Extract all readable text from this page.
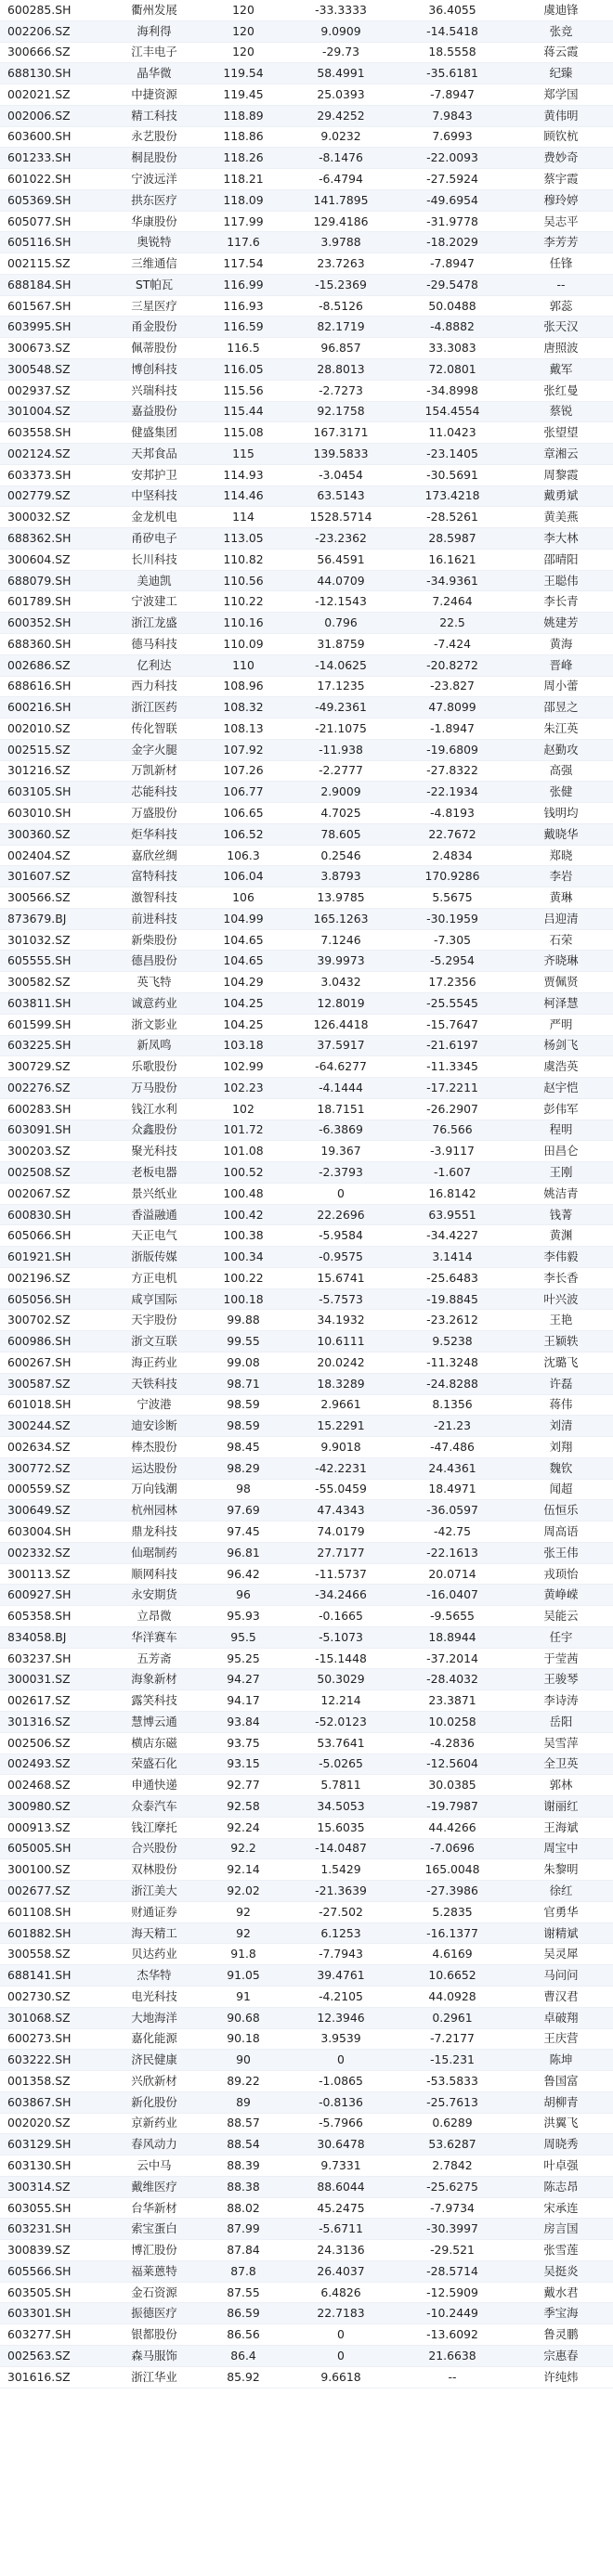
600285.SH	衢州发展	120	-33.3333	36.4055	虞迪锋
002206.SZ	海利得	120	9.0909	-14.5418	张竞
300666.SZ	江丰电子	120	-29.73	18.5558	蒋云霞
688130.SH	晶华微	119.54	58.4991	-35.6181	纪臻
002021.SZ	中捷资源	119.45	25.0393	-7.8947	郑学国
002006.SZ	精工科技	118.89	29.4252	7.9843	黄伟明
603600.SH	永艺股份	118.86	9.0232	7.6993	顾钦杭
601233.SH	桐昆股份	118.26	-8.1476	-22.0093	费妙奇
601022.SH	宁波远洋	118.21	-6.4794	-27.5924	蔡宇霞
605369.SH	拱东医疗	118.09	141.7895	-49.6954	穆玲婷
605077.SH	华康股份	117.99	129.4186	-31.9778	吴志平
605116.SH	奥锐特	117.6	3.9788	-18.2029	李芳芳
002115.SZ	三维通信	117.54	23.7263	-7.8947	任锋
688184.SH	ST帕瓦	116.99	-15.2369	-29.5478	--
601567.SH	三星医疗	116.93	-8.5126	50.0488	郭蕊
603995.SH	甬金股份	116.59	82.1719	-4.8882	张天汉
300673.SZ	佩蒂股份	116.5	96.857	33.3083	唐照波
300548.SZ	博创科技	116.05	28.8013	72.0801	戴军
002937.SZ	兴瑞科技	115.56	-2.7273	-34.8998	张红曼
301004.SZ	嘉益股份	115.44	92.1758	154.4554	蔡锐
603558.SH	健盛集团	115.08	167.3171	11.0423	张望望
002124.SZ	天邦食品	115	139.5833	-23.1405	章湘云
603373.SH	安邦护卫	114.93	-3.0454	-30.5691	周黎霞
002779.SZ	中坚科技	114.46	63.5143	173.4218	戴勇斌
300032.SZ	金龙机电	114	1528.5714	-28.5261	黄美燕
688362.SH	甬矽电子	113.05	-23.2362	28.5987	李大林
300604.SZ	长川科技	110.82	56.4591	16.1621	邵晴阳
688079.SH	美迪凯	110.56	44.0709	-34.9361	王聪伟
601789.SH	宁波建工	110.22	-12.1543	7.2464	李长青
600352.SH	浙江龙盛	110.16	0.796	22.5	姚建芳
688360.SH	德马科技	110.09	31.8759	-7.424	黄海
002686.SZ	亿利达	110	-14.0625	-20.8272	晋峰
688616.SH	西力科技	108.96	17.1235	-23.827	周小蕾
600216.SH	浙江医药	108.32	-49.2361	47.8099	邵昱之
002010.SZ	传化智联	108.13	-21.1075	-1.8947	朱江英
002515.SZ	金字火腿	107.92	-11.938	-19.6809	赵勤攻
301216.SZ	万凯新材	107.26	-2.2777	-27.8322	高强
603105.SH	芯能科技	106.77	2.9009	-22.1934	张健
603010.SH	万盛股份	106.65	4.7025	-4.8193	钱明均
300360.SZ	炬华科技	106.52	78.605	22.7672	戴晓华
002404.SZ	嘉欣丝绸	106.3	0.2546	2.4834	郑晓
301607.SZ	富特科技	106.04	3.8793	170.9286	李岩
300566.SZ	激智科技	106	13.9785	5.5675	黄琳
873679.BJ	前进科技	104.99	165.1263	-30.1959	吕迎清
301032.SZ	新柴股份	104.65	7.1246	-7.305	石荣
605555.SH	德昌股份	104.65	39.9973	-5.2954	齐晓琳
300582.SZ	英飞特	104.29	3.0432	17.2356	贾佩贤
603811.SH	诚意药业	104.25	12.8019	-25.5545	柯泽慧
601599.SH	浙文影业	104.25	126.4418	-15.7647	严明
603225.SH	新凤鸣	103.18	37.5917	-21.6197	杨剑飞
300729.SZ	乐歌股份	102.99	-64.6277	-11.3345	虞浩英
002276.SZ	万马股份	102.23	-4.1444	-17.2211	赵宇恺
600283.SH	钱江水利	102	18.7151	-26.2907	彭伟军
603091.SH	众鑫股份	101.72	-6.3869	76.566	程明
300203.SZ	聚光科技	101.08	19.367	-3.9117	田昌仑
002508.SZ	老板电器	100.52	-2.3793	-1.607	王刚
002067.SZ	景兴纸业	100.48	0	16.8142	姚洁青
600830.SH	香溢融通	100.42	22.2696	63.9551	钱菁
605066.SH	天正电气	100.38	-5.9584	-34.4227	黄渊
601921.SH	浙版传媒	100.34	-0.9575	3.1414	李伟毅
002196.SZ	方正电机	100.22	15.6741	-25.6483	李长香
605056.SH	咸亨国际	100.18	-5.7573	-19.8845	叶兴波
300702.SZ	天宇股份	99.88	34.1932	-23.2612	王艳
600986.SH	浙文互联	99.55	10.6111	9.5238	王颖轶
600267.SH	海正药业	99.08	20.0242	-11.3248	沈璐飞
300587.SZ	天铁科技	98.71	18.3289	-24.8288	许磊
601018.SH	宁波港	98.59	2.9661	8.1356	蒋伟
300244.SZ	迪安诊断	98.59	15.2291	-21.23	刘清
002634.SZ	棒杰股份	98.45	9.9018	-47.486	刘翔
300772.SZ	运达股份	98.29	-42.2231	24.4361	魏钦
000559.SZ	万向钱潮	98	-55.0459	18.4971	闻超
300649.SZ	杭州园林	97.69	47.4343	-36.0597	伍恒乐
603004.SH	鼎龙科技	97.45	74.0179	-42.75	周高语
002332.SZ	仙琚制药	96.81	27.7177	-22.1613	张王伟
300113.SZ	顺网科技	96.42	-11.5737	20.0714	戎顼怡
600927.SH	永安期货	96	-34.2466	-16.0407	黄峥嵘
605358.SH	立昂微	95.93	-0.1665	-9.5655	吴能云
834058.BJ	华洋赛车	95.5	-5.1073	18.8944	任宇
603237.SH	五芳斋	95.25	-15.1448	-37.2014	于莹茜
300031.SZ	海象新材	94.27	50.3029	-28.4032	王骏琴
002617.SZ	露笑科技	94.17	12.214	23.3871	李诗涛
301316.SZ	慧博云通	93.84	-52.0123	10.0258	岳阳
002506.SZ	横店东磁	93.75	53.7641	-4.2836	吴雪萍
002493.SZ	荣盛石化	93.15	-5.0265	-12.5604	全卫英
002468.SZ	申通快递	92.77	5.7811	30.0385	郭林
300980.SZ	众泰汽车	92.58	34.5053	-19.7987	谢丽红
000913.SZ	钱江摩托	92.24	15.6035	44.4266	王海斌
605005.SH	合兴股份	92.2	-14.0487	-7.0696	周宝中
300100.SZ	双林股份	92.14	1.5429	165.0048	朱黎明
002677.SZ	浙江美大	92.02	-21.3639	-27.3986	徐红
601108.SH	财通证券	92	-27.502	5.2835	官勇华
601882.SH	海天精工	92	6.1253	-16.1377	谢精斌
300558.SZ	贝达药业	91.8	-7.7943	4.6169	吴灵犀
688141.SH	杰华特	91.05	39.4761	10.6652	马问问
002730.SZ	电光科技	91	-4.2105	44.0928	曹汉君
301068.SZ	大地海洋	90.68	12.3946	0.2961	卓破翔
600273.SH	嘉化能源	90.18	3.9539	-7.2177	王庆营
603222.SH	济民健康	90	0	-15.231	陈坤
001358.SZ	兴欣新材	89.22	-1.0865	-53.5833	鲁国富
603867.SH	新化股份	89	-0.8136	-25.7613	胡柳青
002020.SZ	京新药业	88.57	-5.7966	0.6289	洪翼飞
603129.SH	春风动力	88.54	30.6478	53.6287	周晓秀
603130.SH	云中马	88.39	9.7331	2.7842	叶卓强
300314.SZ	戴维医疗	88.38	88.6044	-25.6275	陈志昂
603055.SH	台华新材	88.02	45.2475	-7.9734	宋承连
603231.SH	索宝蛋白	87.99	-5.6711	-30.3997	房言国
300839.SZ	博汇股份	87.84	24.3136	-29.521	张雪莲
605566.SH	福莱蒽特	87.8	26.4037	-28.5714	吴挺炎
603505.SH	金石资源	87.55	6.4826	-12.5909	戴水君
603301.SH	振德医疗	86.59	22.7183	-10.2449	季宝海
603277.SH	银都股份	86.56	0	-13.6092	鲁灵鹏
002563.SZ	森马服饰	86.4	0	21.6638	宗惠春
301616.SZ	浙江华业	85.92	9.6618	--	许纯炜
